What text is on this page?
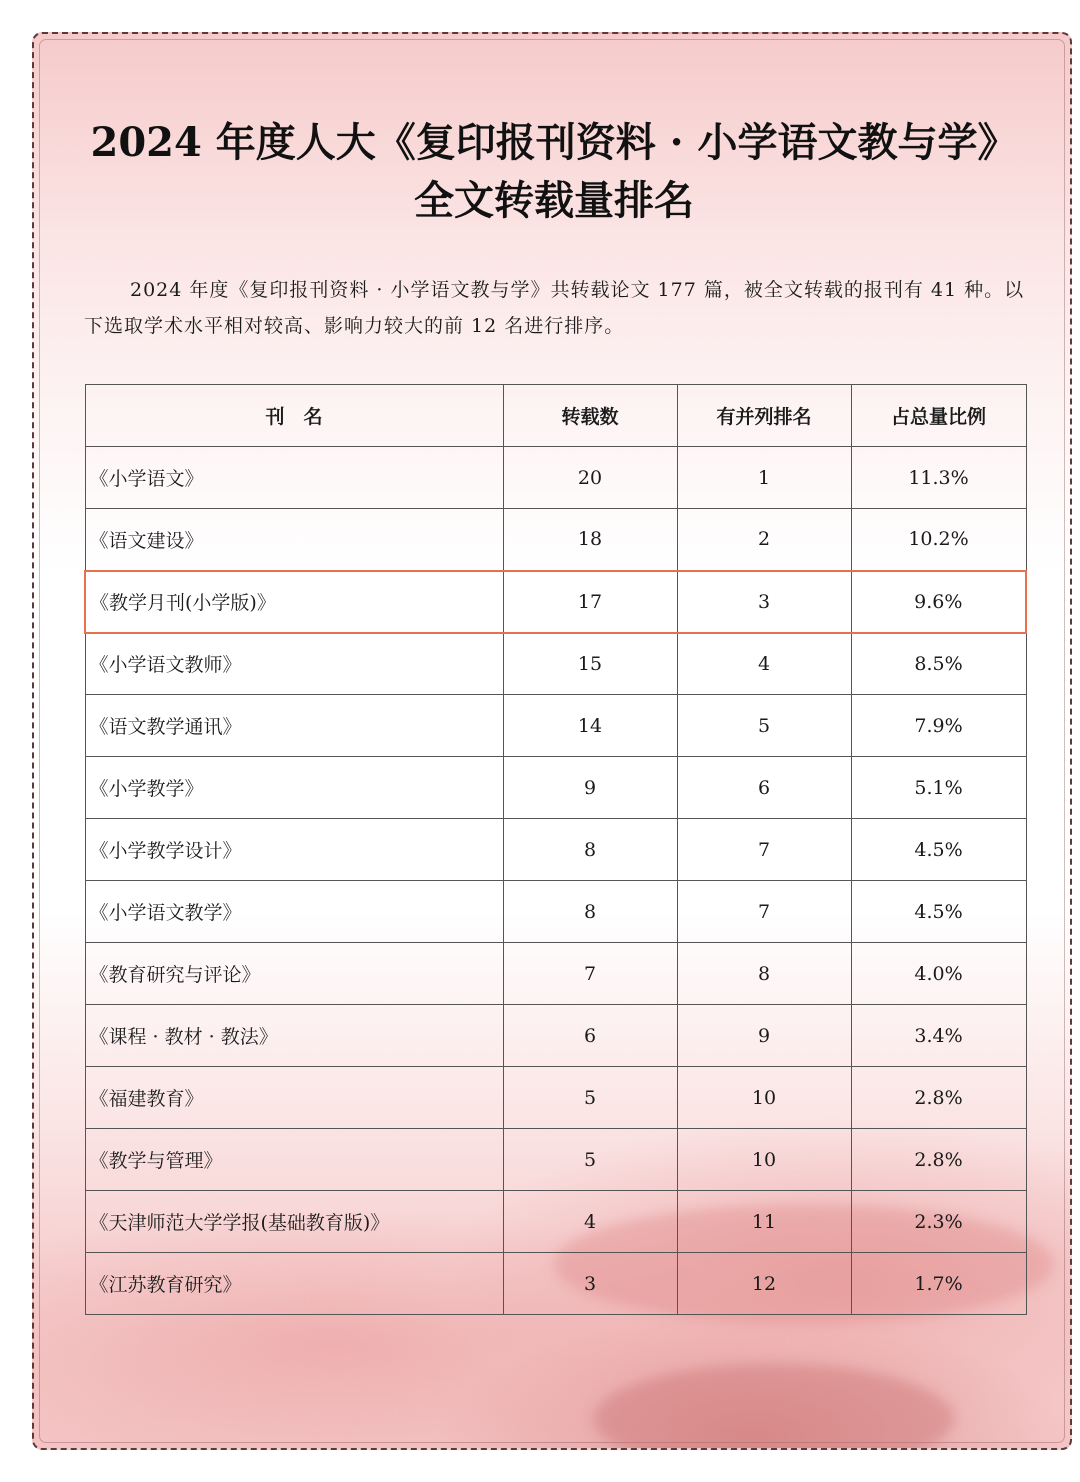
2024 年度人大《复印报刊资料 · 小学语文教与学》
全文转载量排名

2024 年度《复印报刊资料 · 小学语文教与学》共转载论文 177 篇，被全文转载的报刊有 41 种。以下选取学术水平相对较高、影响力较大的前 12 名进行排序。

刊　名	转载数	有并列排名	占总量比例
《小学语文》	20	1	11.3%
《语文建设》	18	2	10.2%
《教学月刊(小学版)》	17	3	9.6%
《小学语文教师》	15	4	8.5%
《语文教学通讯》	14	5	7.9%
《小学教学》	9	6	5.1%
《小学教学设计》	8	7	4.5%
《小学语文教学》	8	7	4.5%
《教育研究与评论》	7	8	4.0%
《课程 · 教材 · 教法》	6	9	3.4%
《福建教育》	5	10	2.8%
《教学与管理》	5	10	2.8%
《天津师范大学学报(基础教育版)》	4	11	2.3%
《江苏教育研究》	3	12	1.7%
